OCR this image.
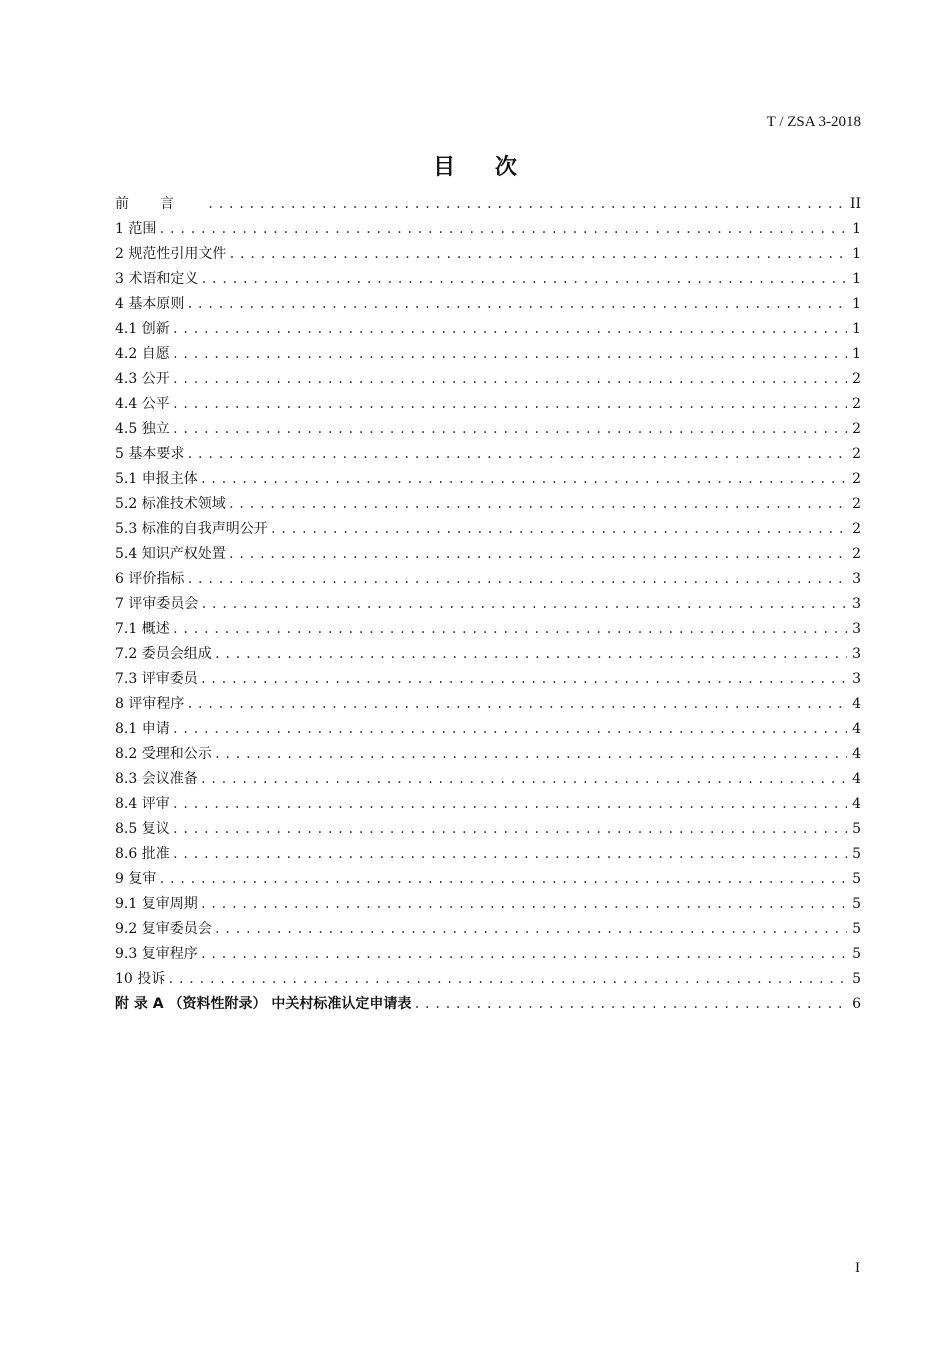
T / ZSA 3-2018
目 次
前言 .....	II
1 范围 .....	1
2 规范性引用文件 .....	1
3 术语和定义 .....	1
4 基本原则 .....	1
4.1 创新 .....	1
4.2 自愿 .....	1
4.3 公开 .....	2
4.4 公平 .....	2
4.5 独立 .....	2
5 基本要求 .....	2
5.1 申报主体 .....	2
5.2 标准技术领域 .....	2
5.3 标准的自我声明公开 .....	2
5.4 知识产权处置 .....	2
6 评价指标 .....	3
7 评审委员会 .....	3
7.1 概述 .....	3
7.2 委员会组成 .....	3
7.3 评审委员 .....	3
8 评审程序 .....	4
8.1 申请 .....	4
8.2 受理和公示 .....	4
8.3 会议准备 .....	4
8.4 评审 .....	4
8.5 复议 .....	5
8.6 批准 .....	5
9 复审 .....	5
9.1 复审周期 .....	5
9.2 复审委员会 .....	5
9.3 复审程序 .....	5
10 投诉 .....	5
附 录 A （资料性附录） 中关村标准认定申请表 .....	6
I
